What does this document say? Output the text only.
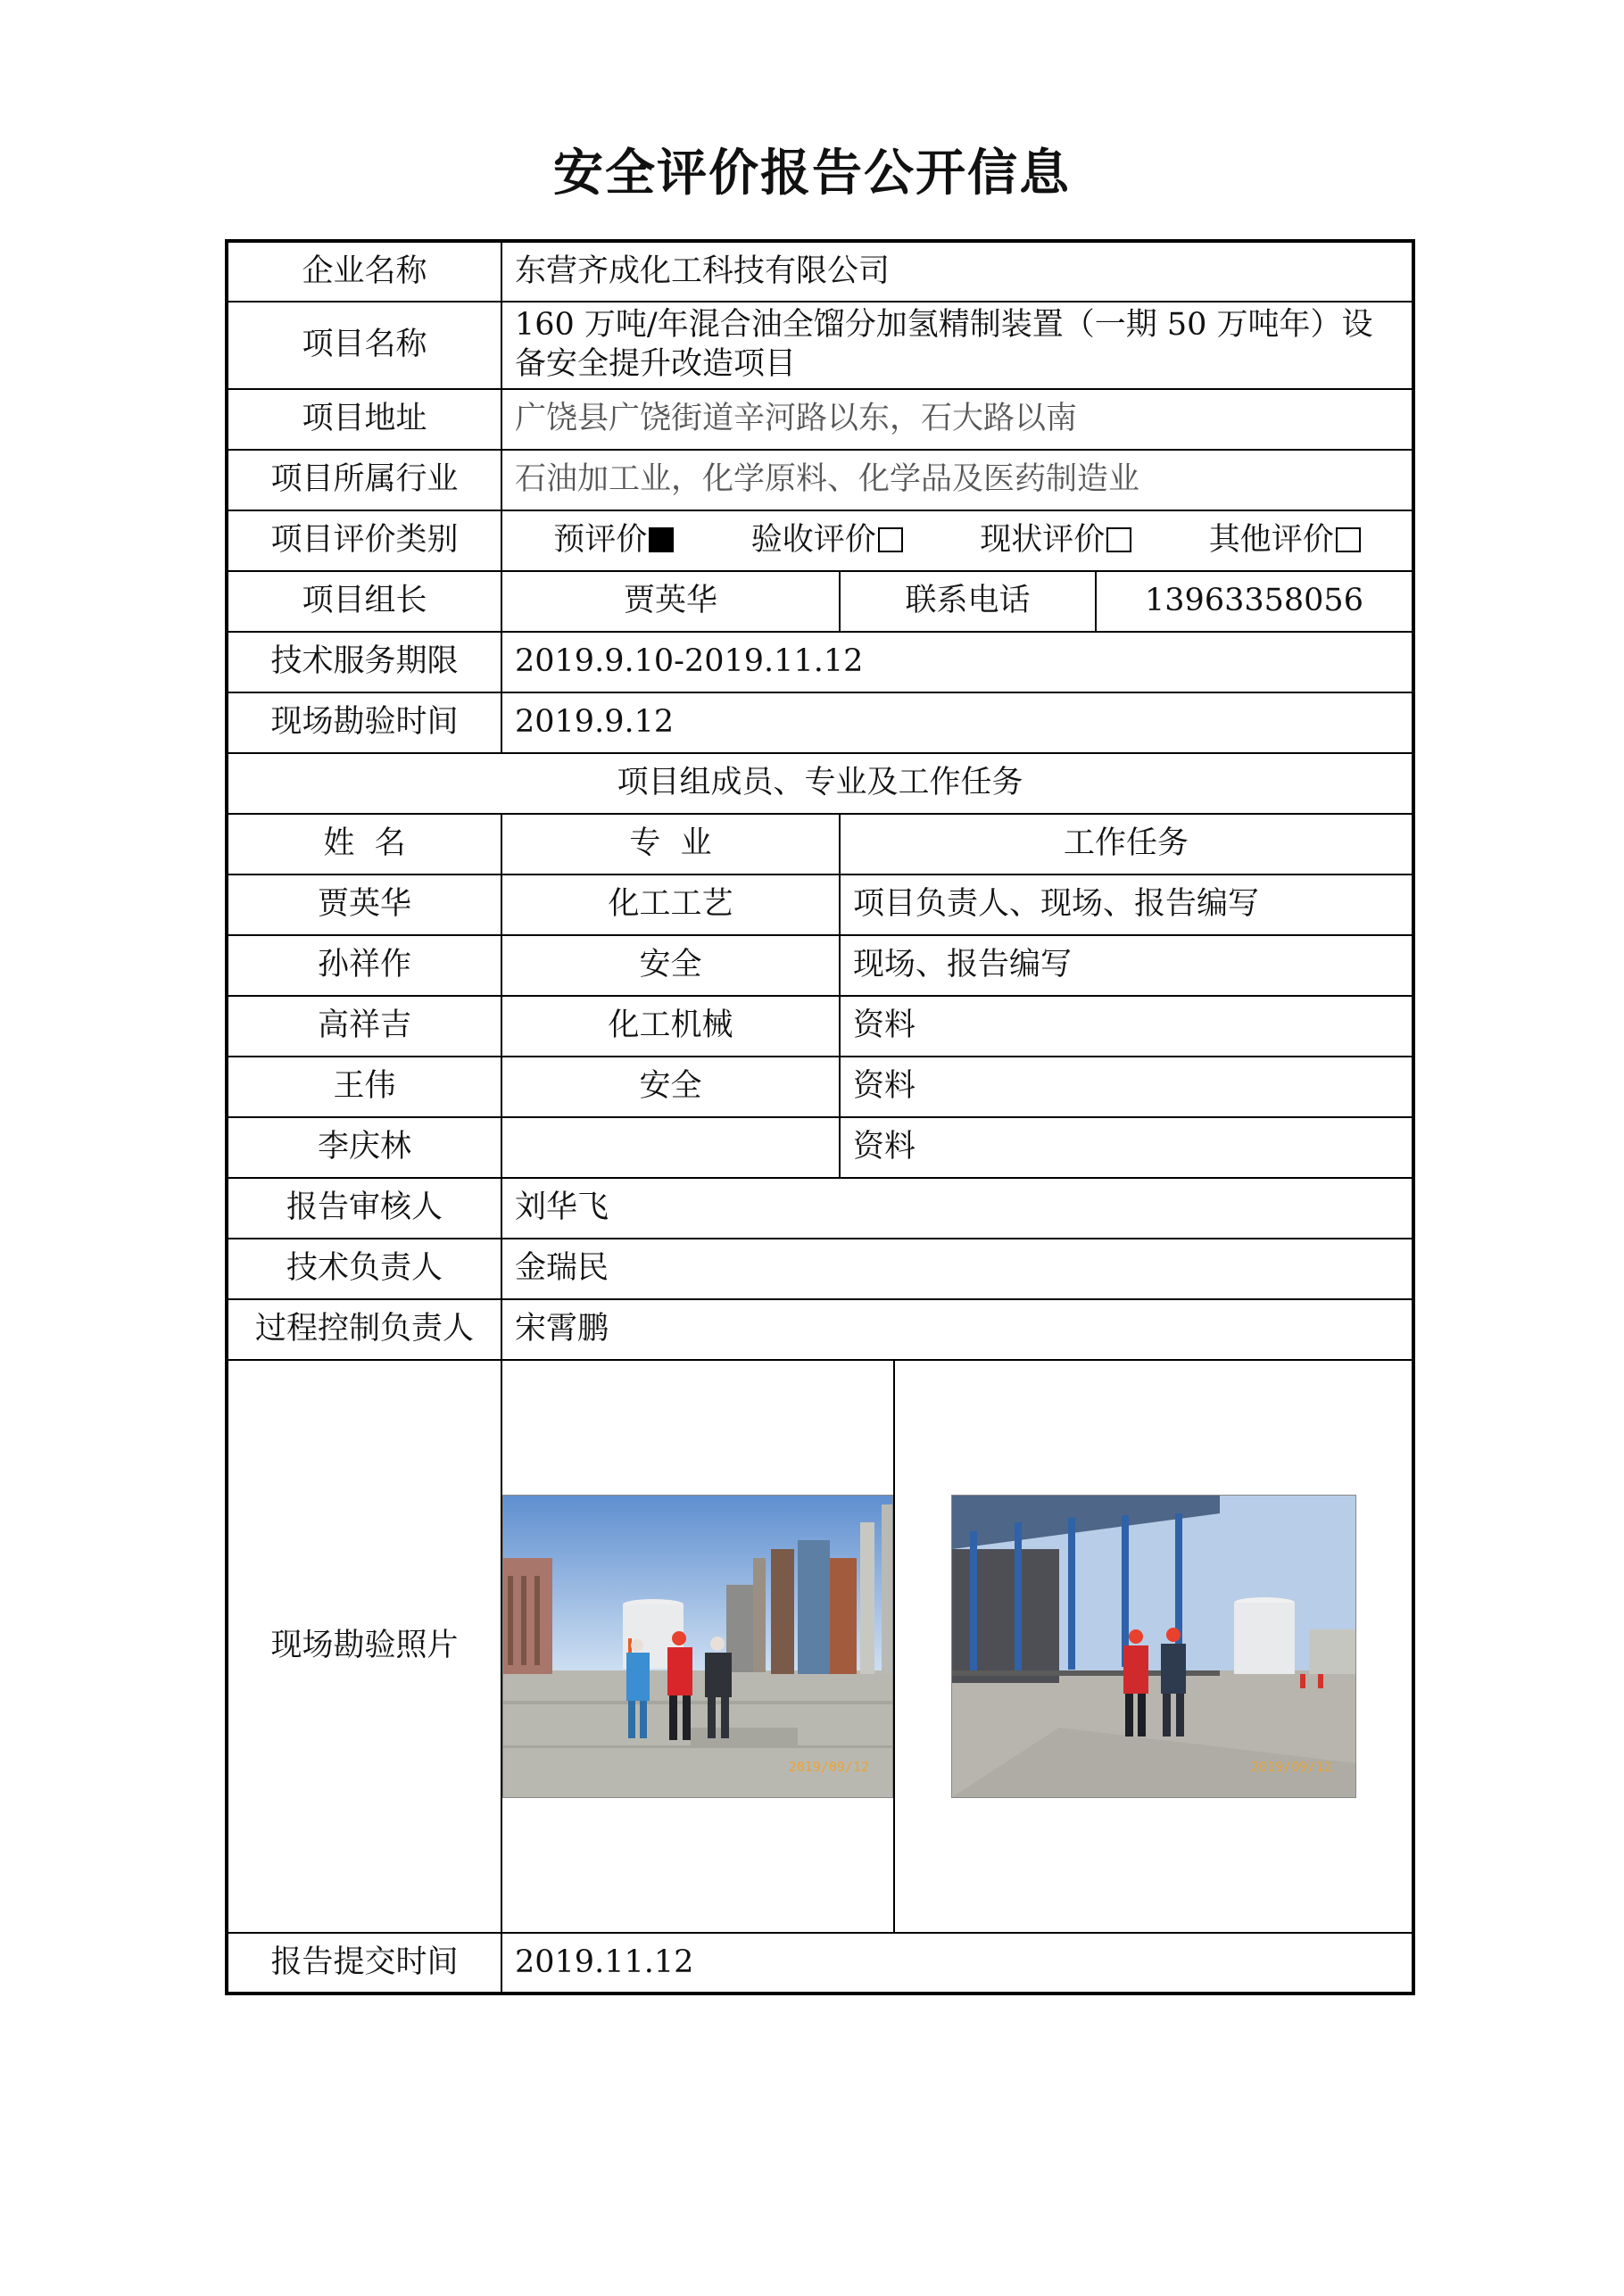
安全评价报告公开信息
企业名称	东营齐成化工科技有限公司			
项目名称	160 万吨/年混合油全馏分加氢精制装置（一期 50 万吨年）设备安全提升改造项目			
项目地址	广饶县广饶街道辛河路以东，石大路以南			
项目所属行业	石油加工业，化学原料、化学品及医药制造业			
项目评价类别	预评价 验收评价 现状评价 其他评价			

项目组长	贾英华	联系电话		13963358056
技术服务期限	2019.9.10-2019.11.12			
现场勘验时间	2019.9.12			
项目组成员、专业及工作任务				
姓  名	专  业	工作任务		
贾英华	化工工艺	项目负责人、现场、报告编写		
孙祥作	安全	现场、报告编写		
高祥吉	化工机械	资料		
王伟	安全	资料		
李庆林		资料		
报告审核人	刘华飞			
技术负责人	金瑞民			
过程控制负责人	宋霄鹏			
现场勘验照片	2019/09/12		2019/09/12	

报告提交时间	2019.11.12			
